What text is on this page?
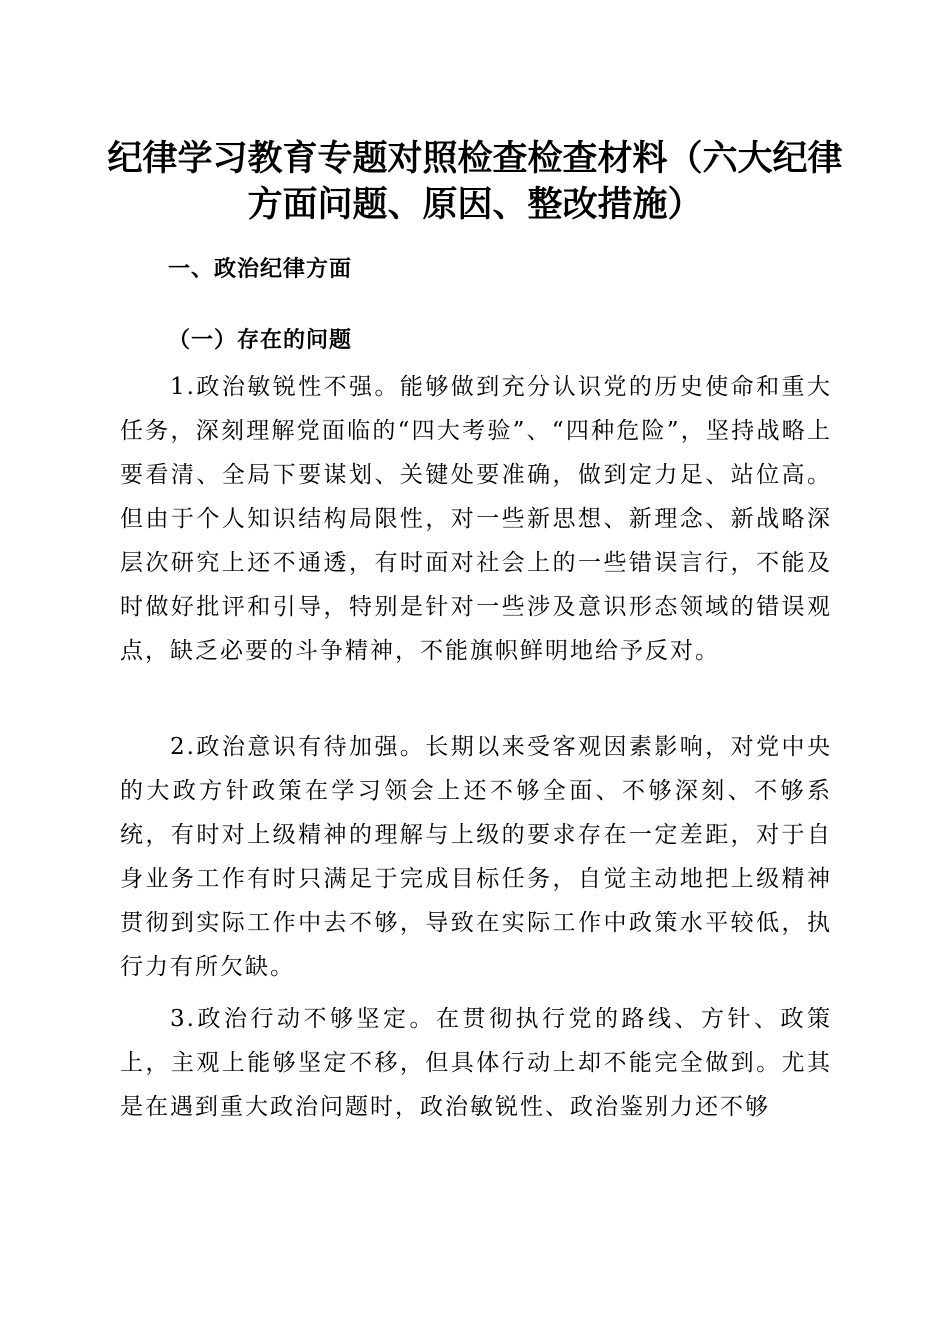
纪律学习教育专题对照检查检查材料（六大纪律方面问题、原因、整改措施）
一、政治纪律方面
（一）存在的问题

1.政治敏锐性不强。能够做到充分认识党的历史使命和重大任务，深刻理解党面临的“四大考验”、“四种危险”，坚持战略上要看清、全局下要谋划、关键处要准确，做到定力足、站位高。但由于个人知识结构局限性，对一些新思想、新理念、新战略深层次研究上还不通透，有时面对社会上的一些错误言行，不能及时做好批评和引导，特别是针对一些涉及意识形态领域的错误观点，缺乏必要的斗争精神，不能旗帜鲜明地给予反对。

2.政治意识有待加强。长期以来受客观因素影响，对党中央的大政方针政策在学习领会上还不够全面、不够深刻、不够系统，有时对上级精神的理解与上级的要求存在一定差距，对于自身业务工作有时只满足于完成目标任务，自觉主动地把上级精神贯彻到实际工作中去不够，导致在实际工作中政策水平较低，执行力有所欠缺。

3.政治行动不够坚定。在贯彻执行党的路线、方针、政策上，主观上能够坚定不移，但具体行动上却不能完全做到。尤其是在遇到重大政治问题时，政治敏锐性、政治鉴别力还不够
